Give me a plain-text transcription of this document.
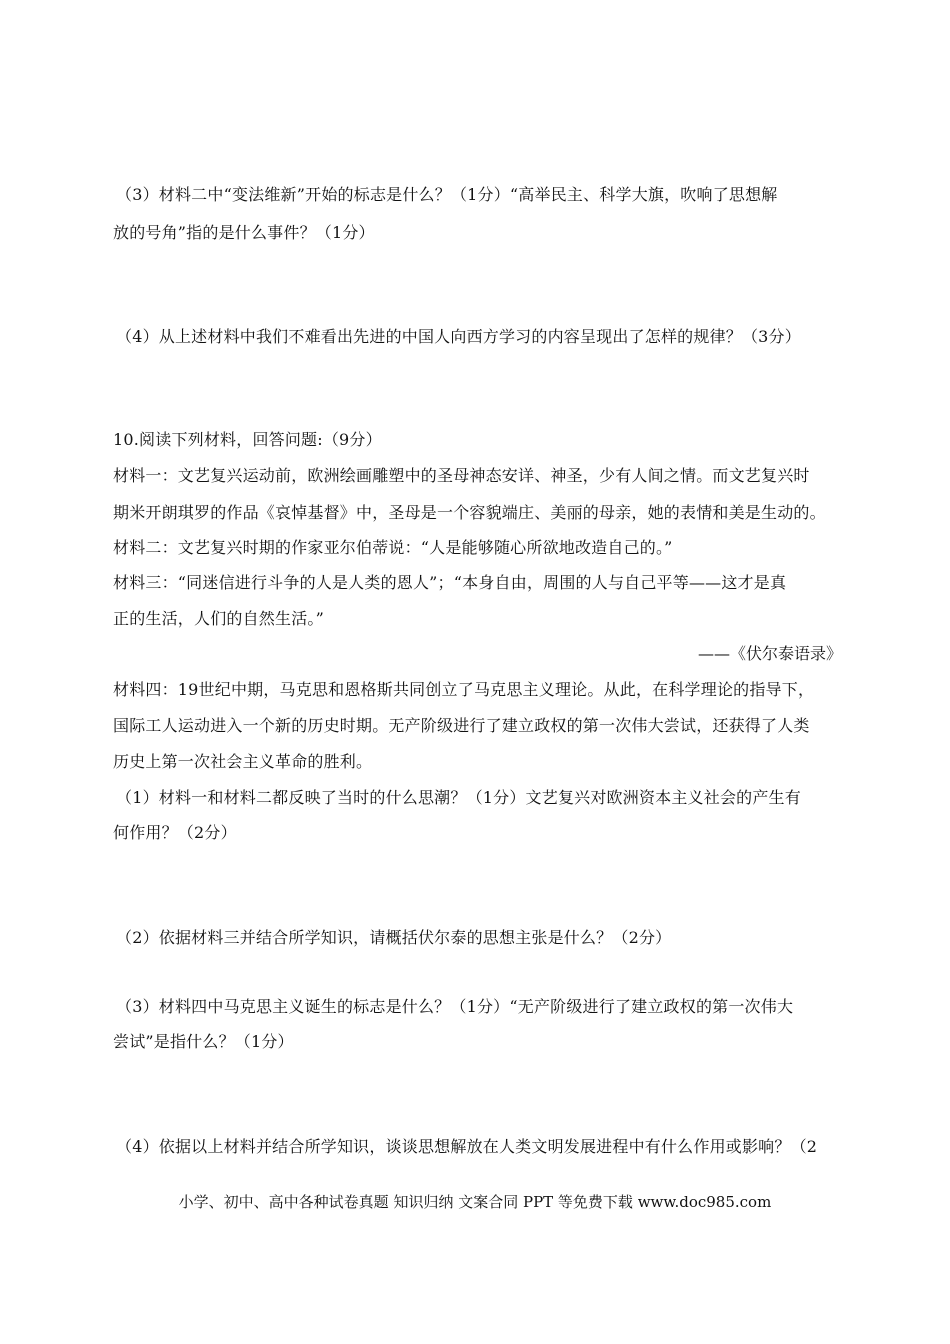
（3）材料二中“变法维新”开始的标志是什么？（1分）“高举民主、科学大旗，吹响了思想解
放的号角”指的是什么事件？（1分）
（4）从上述材料中我们不难看出先进的中国人向西方学习的内容呈现出了怎样的规律？（3分）
10.阅读下列材料，回答问题:（9分）
材料一：文艺复兴运动前，欧洲绘画雕塑中的圣母神态安详、神圣，少有人间之情。而文艺复兴时
期米开朗琪罗的作品《哀悼基督》中，圣母是一个容貌端庄、美丽的母亲，她的表情和美是生动的。
材料二：文艺复兴时期的作家亚尔伯蒂说：“人是能够随心所欲地改造自己的。”
材料三：“同迷信进行斗争的人是人类的恩人”；“本身自由，周围的人与自己平等——这才是真
正的生活，人们的自然生活。”
——《伏尔泰语录》
材料四：19世纪中期，马克思和恩格斯共同创立了马克思主义理论。从此，在科学理论的指导下，
国际工人运动进入一个新的历史时期。无产阶级进行了建立政权的第一次伟大尝试，还获得了人类
历史上第一次社会主义革命的胜利。
（1）材料一和材料二都反映了当时的什么思潮？（1分）文艺复兴对欧洲资本主义社会的产生有
何作用？（2分）
（2）依据材料三并结合所学知识，请概括伏尔泰的思想主张是什么？（2分）
（3）材料四中马克思主义诞生的标志是什么？（1分）“无产阶级进行了建立政权的第一次伟大
尝试”是指什么？（1分）
（4）依据以上材料并结合所学知识，谈谈思想解放在人类文明发展进程中有什么作用或影响？（2
小学、初中、高中各种试卷真题 知识归纳 文案合同 PPT 等免费下载 www.doc985.com
